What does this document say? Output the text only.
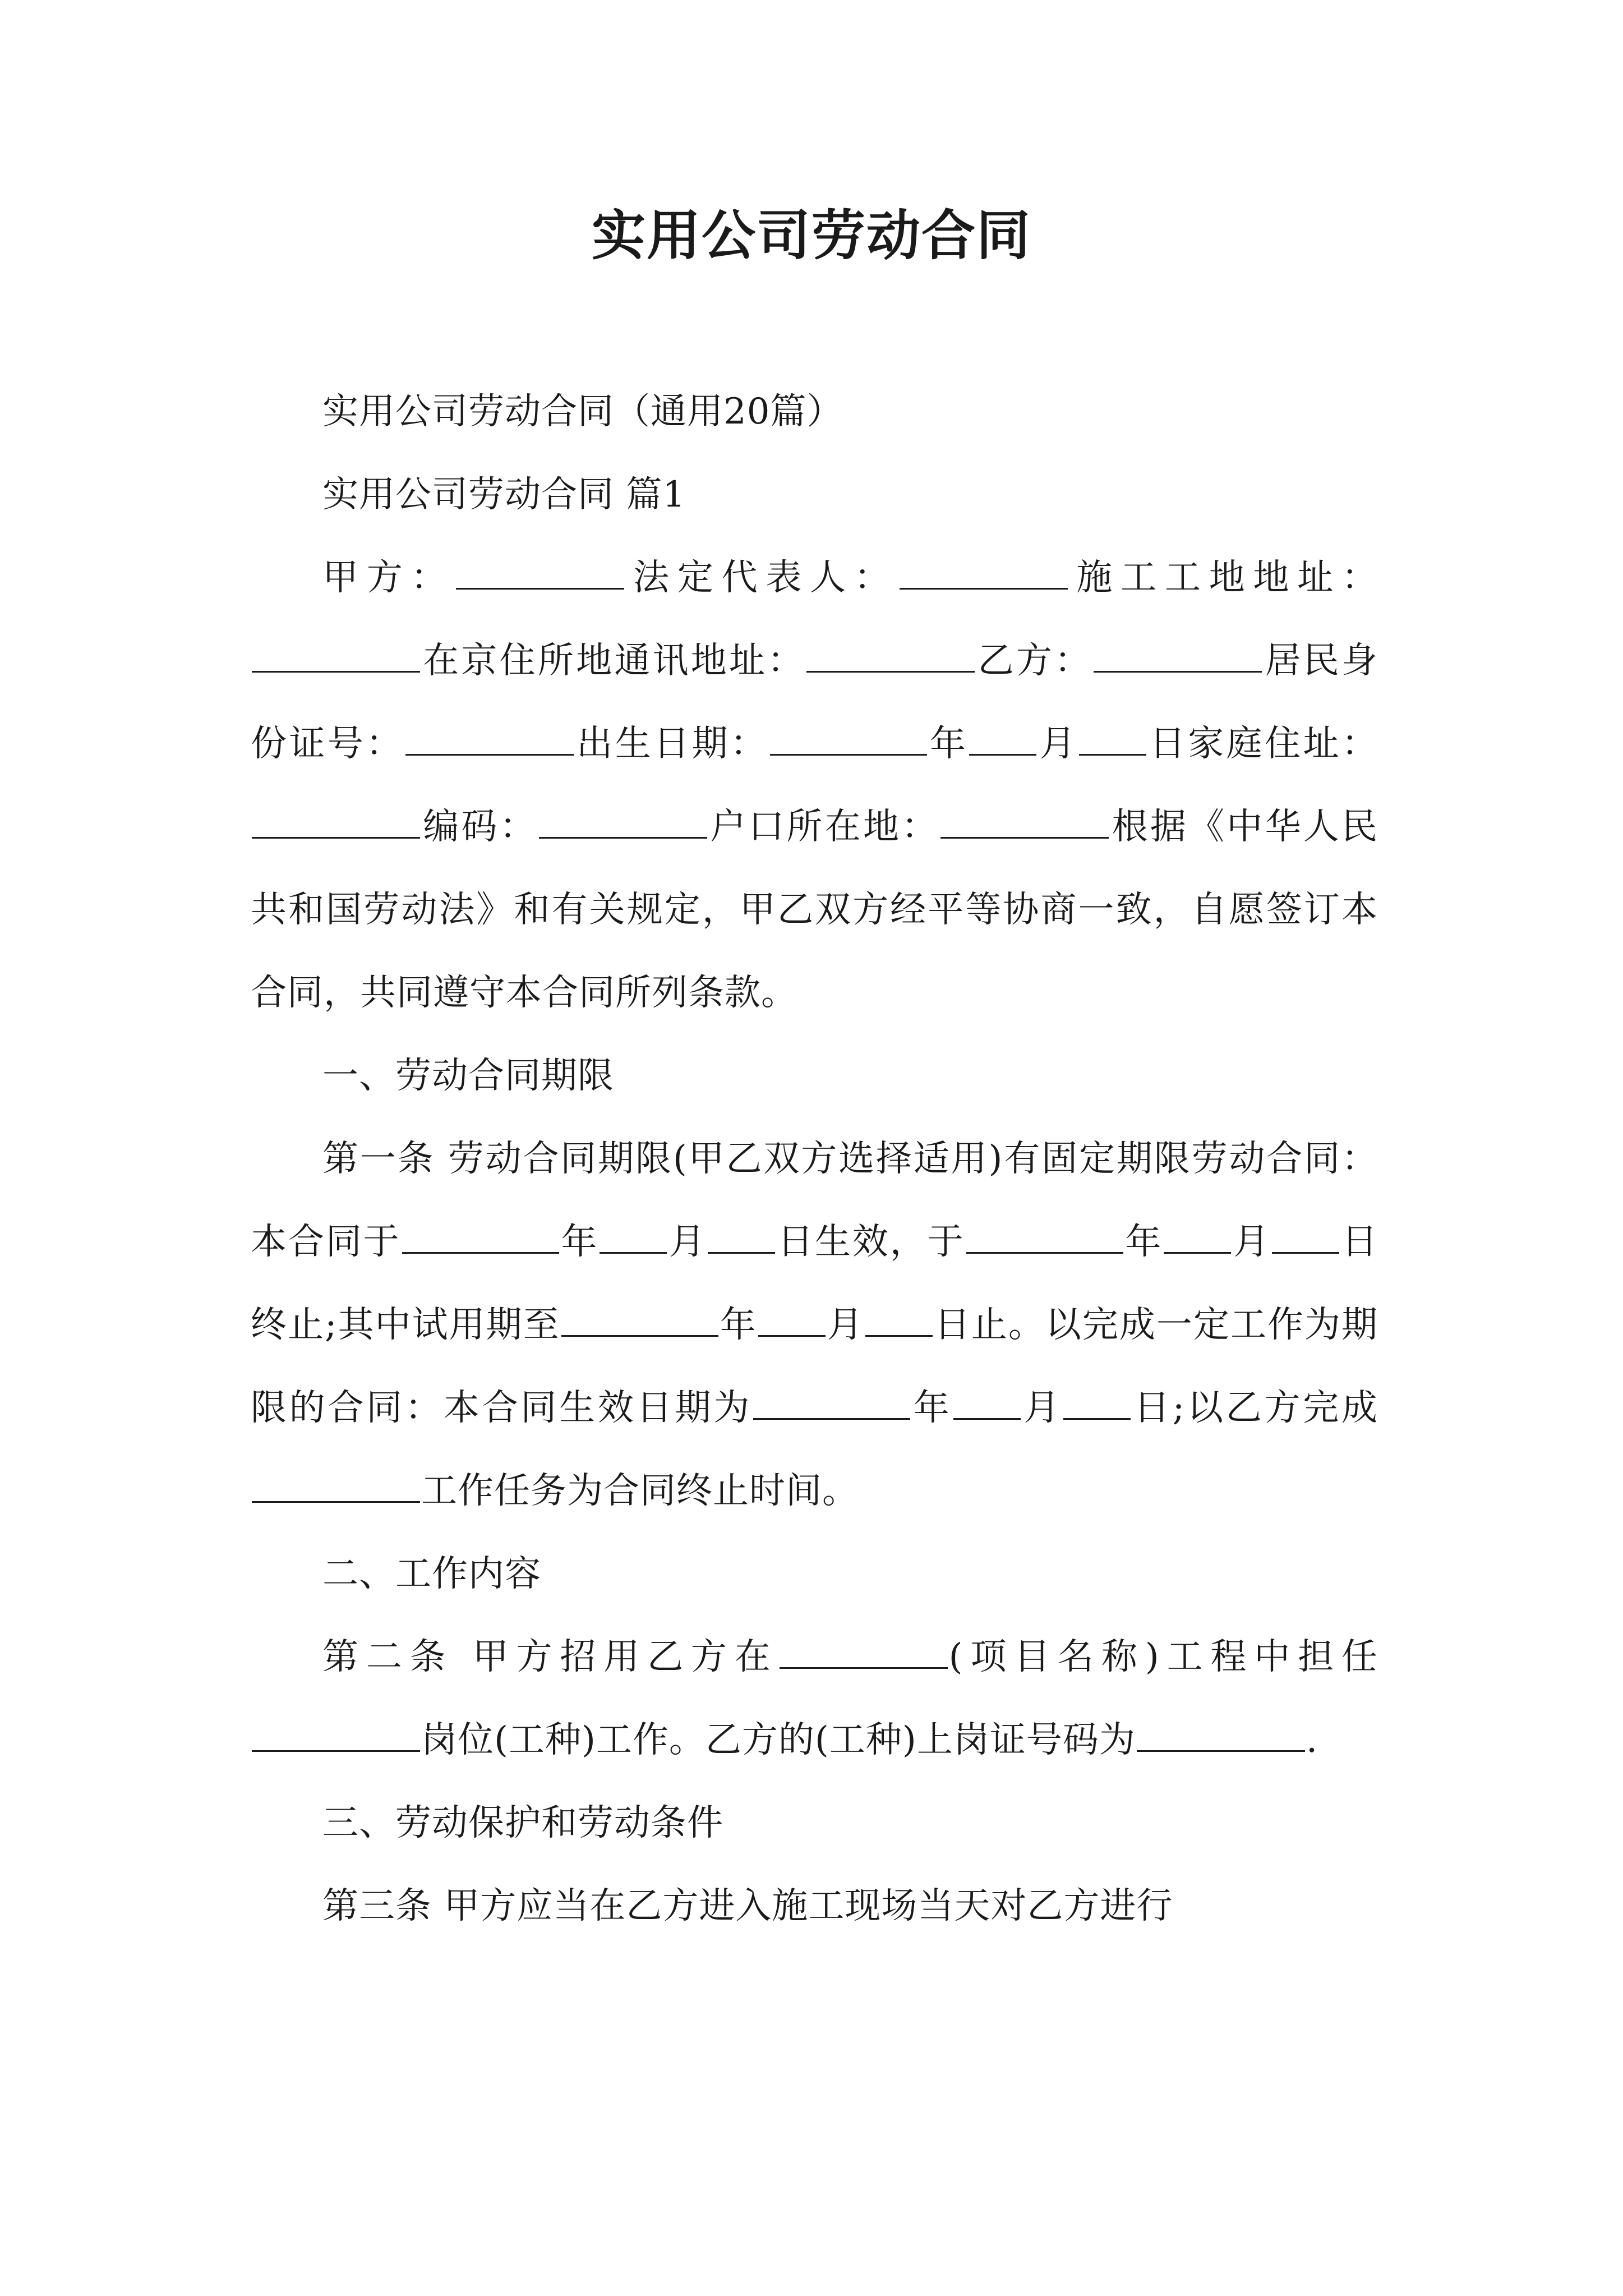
实用公司劳动合同

实用公司劳动合同（通用20篇）

实用公司劳动合同 篇1

甲方：	法定代表人：	施工工地地址：在京住所地通讯地址：	乙方：	居民身份证号：	出生日期：	年 月 日家庭住址：编码：	户口所在地：	根据《中华人民共和国劳动法》和有关规定，甲乙双方经平等协商一致，自愿签订本合同，共同遵守本合同所列条款。

一、劳动合同期限

第一条 劳动合同期限(甲乙双方选择适用)有固定期限劳动合同：本合同于	年 月 日生效，于	年 月 日终止;其中试用期至	年 月 日止。以完成一定工作为期限的合同：本合同生效日期为	年 月 日;以乙方完成工作任务为合同终止时间。

二、工作内容

第二条 甲方招用乙方在	(项目名称)工程中担任岗位(工种)工作。乙方的(工种)上岗证号码为	.

三、劳动保护和劳动条件

第三条 甲方应当在乙方进入施工现场当天对乙方进行
